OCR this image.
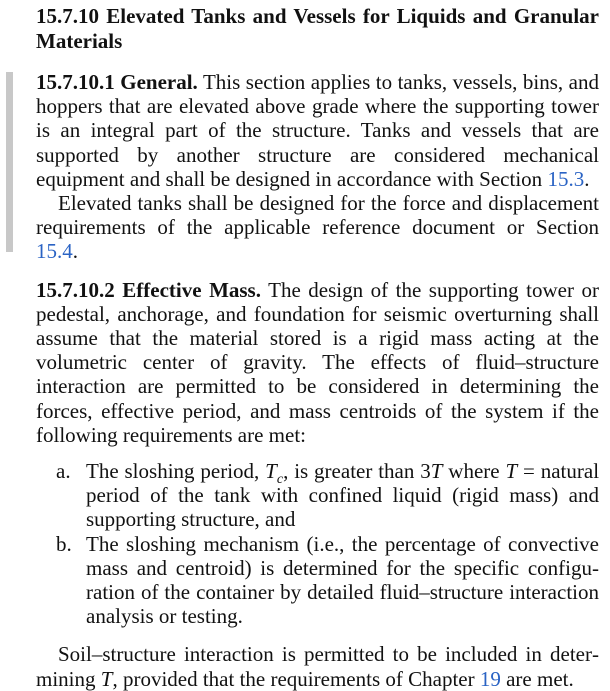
15.7.10 Elevated Tanks and Vessels for Liquids and Granular Materials

15.7.10.1 General. This section applies to tanks, vessels, bins, and hoppers that are elevated above grade where the supporting tower is an integral part of the structure. Tanks and vessels that are supported by another structure are considered mechanical equipment and shall be designed in accordance with Section 15.3.

Elevated tanks shall be designed for the force and displacement requirements of the applicable reference document or Section 15.4.

15.7.10.2 Effective Mass. The design of the supporting tower or pedestal, anchorage, and foundation for seismic overturning shall assume that the material stored is a rigid mass acting at the volumetric center of gravity. The effects of fluid–structure interaction are permitted to be considered in determining the forces, effective period, and mass centroids of the system if the following requirements are met:

a. The sloshing period, $T_c$, is greater than 3T where T = natural period of the tank with confined liquid (rigid mass) and supporting structure, and
b. The sloshing mechanism (i.e., the percentage of convective mass and centroid) is determined for the specific configuration of the container by detailed fluid–structure interaction analysis or testing.

Soil–structure interaction is permitted to be included in determining T, provided that the requirements of Chapter 19 are met.
